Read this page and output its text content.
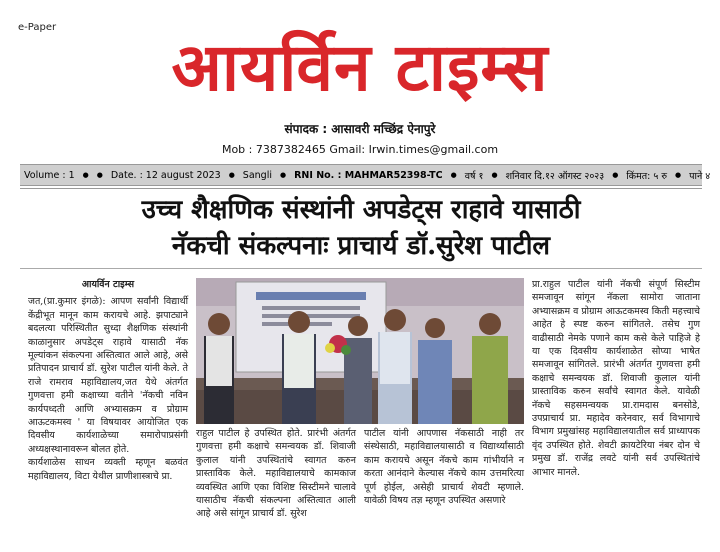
e-Paper
आयर्विन टाइम्स
संपादक : आसावरी मच्छिंद्र ऐनापुरे
Mob : 7387382465 Gmail: Irwin.times@gmail.com
Volume : 1 ● ● Date. : 12 august 2023 ● Sangli ● RNI No. : MAHMAR52398-TC ● वर्ष १ ● शनिवार दि.१२ ऑगस्ट २०२३ ● किंमत: ५ रु ● पाने ४
उच्च शैक्षणिक संस्थांनी अपडेट्स राहावे यासाठी
नॅकची संकल्पनाः प्राचार्य डॉ.सुरेश पाटील
आयर्विन टाइम्स
जत,(प्रा.कुमार इंगळे): आपण सर्वांनी विद्यार्थी केंद्रीभूत मानून काम करायचे आहे. झपाट्याने बदलत्या परिस्थितीत सुध्दा शैक्षणिक संस्थांनी काळानुसार अपडेट्स राहावे यासाठी नॅक मूल्यांकन संकल्पना अस्तित्वात आले आहे, असे प्रतिपादन प्राचार्य डॉ. सुरेश पाटील यांनी केले. ते राजे रामराव महाविद्यालय,जत येथे अंतर्गत गुणवत्ता हमी कक्षाच्या वतीने 'नॅकची नविन कार्यपध्दती आणि अभ्यासक्रम व प्रोग्राम आऊटकमस्व ' या विषयावर आयोजित एक दिवसीय कार्यशाळेच्या समारोपाप्रसंगी अध्यक्षस्थानावरून बोलत होते.
कार्यशाळेस साधन व्यक्ती म्हणून बळवंत महाविद्यालय, विटा येथील प्राणीशास्त्राचे प्रा.
राहुल पाटील हे उपस्थित होते. प्रारंभी अंतर्गत गुणवत्ता हमी कक्षाचे समन्वयक डॉ. शिवाजी कुलाल यांनी उपस्थितांचे स्वागत करुन प्रास्ताविक केले. महाविद्यालयाचे कामकाज व्यवस्थित आणि एका विशिष्ट सिस्टीमने चालावे यासाठीच नॅकची संकल्पना अस्तित्वात आली आहे असे सांगून प्राचार्य डॉ. सुरेश
पाटील यांनी आपणास नॅकसाठी नाही तर संस्थेसाठी, महाविद्यालयासाठी व विद्यार्थ्यांसाठी काम करायचे असून नॅकचे काम गांभीर्याने न करता आनंदाने केल्यास नॅकचे काम उत्तमरित्या पूर्ण होईल, असेही प्राचार्य शेवटी म्हणाले. यावेळी विषय तज्ञ म्हणून उपस्थित असणारे
प्रा.राहुल पाटील यांनी नॅकची संपूर्ण सिस्टीम समजावून सांगून नॅकला सामोरा जाताना अभ्यासक्रम व प्रोग्राम आऊटकमस्व किती महत्त्वाचे आहेत हे स्पष्ट करुन सांगितले. तसेच गुण वाढीसाठी नेमके पणाने काम कसे केले पाहिजे हे या एक दिवसीय कार्यशाळेत सोप्या भाषेत समजावून सांगितले. प्रारंभी अंतर्गत गुणवत्ता हमी कक्षाचे समन्वयक डॉ. शिवाजी कुलाल यांनी प्रास्ताविक करुन सर्वांचे स्वागत केले. यावेळी नॅकचे सहसमन्वयक प्रा.रामदास बनसोडे, उपप्राचार्य प्रा. महादेव करेनवार, सर्व विभागाचे विभाग प्रमुखांसह महाविद्यालयातील सर्व प्राध्यापक वृंद उपस्थित होते. शेवटी क्रायटेरिया नंबर दोन चे प्रमुख डॉ. राजेंद्र लवटे यांनी सर्व उपस्थितांचे आभार मानले.
